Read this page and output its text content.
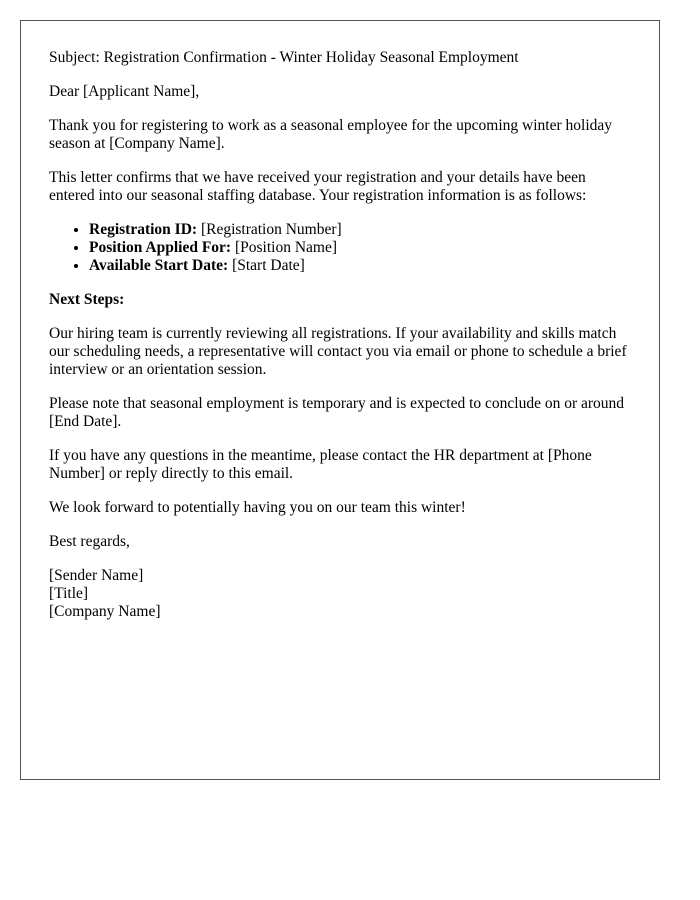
Subject: Registration Confirmation - Winter Holiday Seasonal Employment

Dear [Applicant Name],

Thank you for registering to work as a seasonal employee for the upcoming winter holiday season at [Company Name].

This letter confirms that we have received your registration and your details have been entered into our seasonal staffing database. Your registration information is as follows:

• Registration ID: [Registration Number]
• Position Applied For: [Position Name]
• Available Start Date: [Start Date]

Next Steps:

Our hiring team is currently reviewing all registrations. If your availability and skills match our scheduling needs, a representative will contact you via email or phone to schedule a brief interview or an orientation session.

Please note that seasonal employment is temporary and is expected to conclude on or around [End Date].

If you have any questions in the meantime, please contact the HR department at [Phone Number] or reply directly to this email.

We look forward to potentially having you on our team this winter!

Best regards,

[Sender Name]
[Title]
[Company Name]
